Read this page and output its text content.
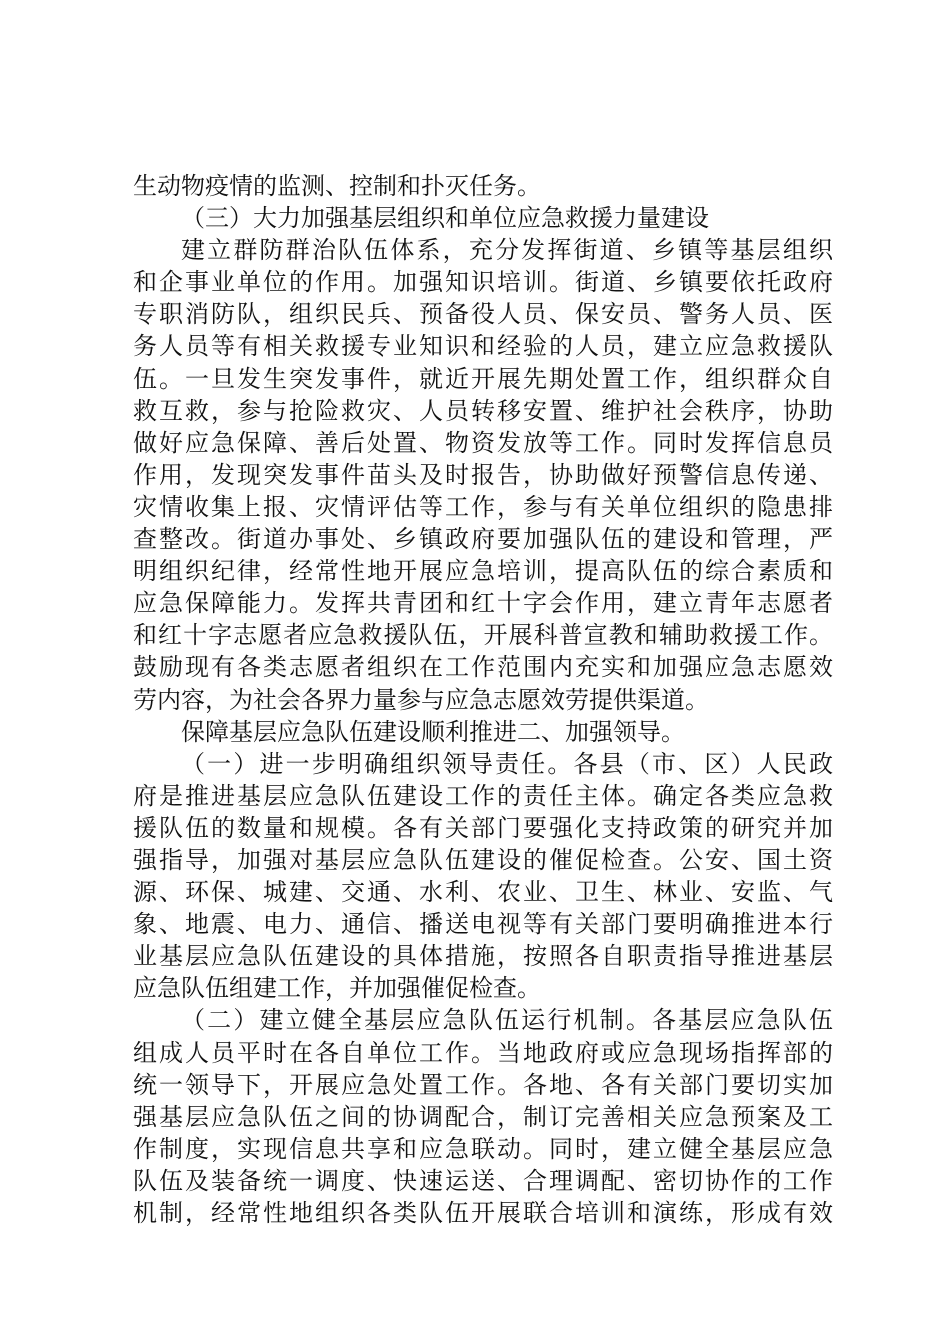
生动物疫情的监测、控制和扑灭任务。
（三）大力加强基层组织和单位应急救援力量建设
建立群防群治队伍体系，充分发挥街道、乡镇等基层组织
和企事业单位的作用。加强知识培训。街道、乡镇要依托政府
专职消防队，组织民兵、预备役人员、保安员、警务人员、医
务人员等有相关救援专业知识和经验的人员，建立应急救援队
伍。一旦发生突发事件，就近开展先期处置工作，组织群众自
救互救，参与抢险救灾、人员转移安置、维护社会秩序，协助
做好应急保障、善后处置、物资发放等工作。同时发挥信息员
作用，发现突发事件苗头及时报告，协助做好预警信息传递、
灾情收集上报、灾情评估等工作，参与有关单位组织的隐患排
查整改。街道办事处、乡镇政府要加强队伍的建设和管理，严
明组织纪律，经常性地开展应急培训，提高队伍的综合素质和
应急保障能力。发挥共青团和红十字会作用，建立青年志愿者
和红十字志愿者应急救援队伍，开展科普宣教和辅助救援工作。
鼓励现有各类志愿者组织在工作范围内充实和加强应急志愿效
劳内容，为社会各界力量参与应急志愿效劳提供渠道。
保障基层应急队伍建设顺利推进二、加强领导。
（一）进一步明确组织领导责任。各县（市、区）人民政
府是推进基层应急队伍建设工作的责任主体。确定各类应急救
援队伍的数量和规模。各有关部门要强化支持政策的研究并加
强指导，加强对基层应急队伍建设的催促检查。公安、国土资
源、环保、城建、交通、水利、农业、卫生、林业、安监、气
象、地震、电力、通信、播送电视等有关部门要明确推进本行
业基层应急队伍建设的具体措施，按照各自职责指导推进基层
应急队伍组建工作，并加强催促检查。
（二）建立健全基层应急队伍运行机制。各基层应急队伍
组成人员平时在各自单位工作。当地政府或应急现场指挥部的
统一领导下，开展应急处置工作。各地、各有关部门要切实加
强基层应急队伍之间的协调配合，制订完善相关应急预案及工
作制度，实现信息共享和应急联动。同时，建立健全基层应急
队伍及装备统一调度、快速运送、合理调配、密切协作的工作
机制，经常性地组织各类队伍开展联合培训和演练，形成有效
